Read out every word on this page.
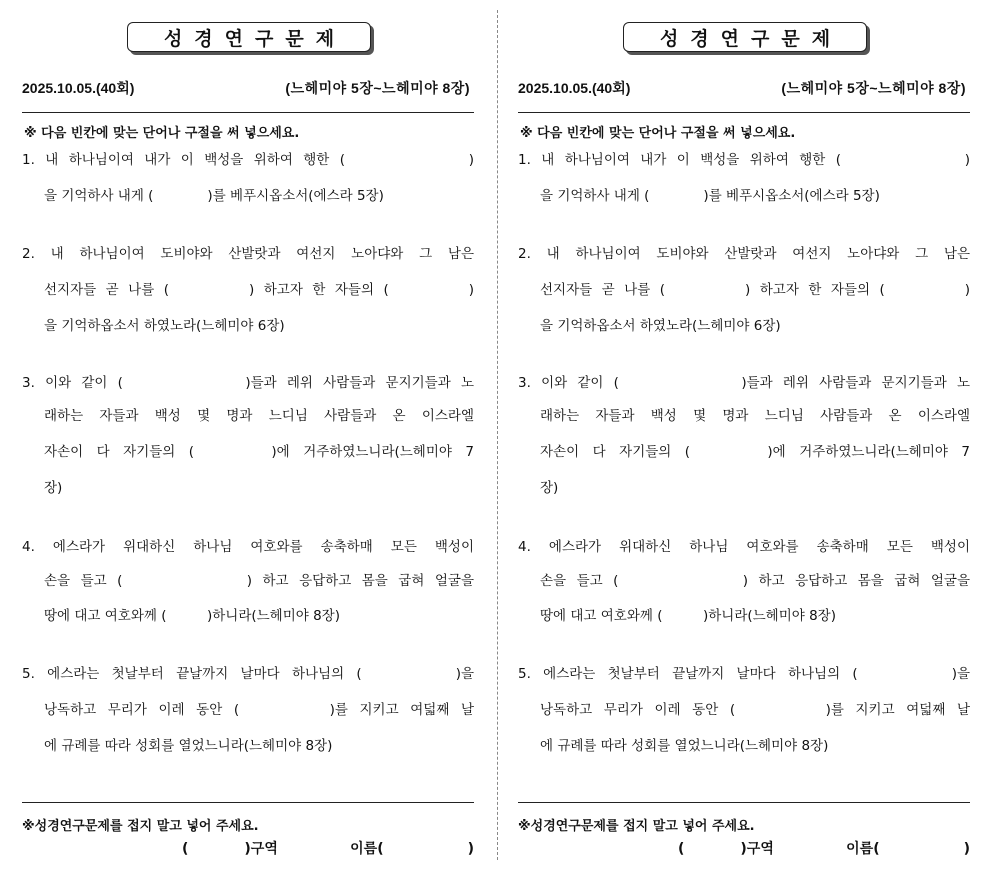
성경연구문제
2025.10.05.(40회)	(느헤미야 5장~느헤미야 8장)
※ 다음 빈칸에 맞는 단어나 구절을 써 넣으세요.
1. 내 하나님이여 내가 이 백성을 위하여 행한 (　　　　　　)
을 기억하사 내게 (　　　　)를 베푸시옵소서(에스라 5장)
2. 내 하나님이여 도비야와 산발랏과 여선지 노아댜와 그 남은
선지자들 곧 나를 (　　　　) 하고자 한 자들의 (　　　　)
을 기억하옵소서 하였노라(느헤미야 6장)
3. 이와 같이 (　　　　　　)들과 레위 사람들과 문지기들과 노
래하는 자들과 백성 몇 명과 느디님 사람들과 온 이스라엘
자손이 다 자기들의 (　　　)에 거주하였느니라(느헤미야 7
장)
4. 에스라가 위대하신 하나님 여호와를 송축하매 모든 백성이
손을 들고 (　　　　　　) 하고 응답하고 몸을 굽혀 얼굴을
땅에 대고 여호와께 (　　　)하니라(느헤미야 8장)
5. 에스라는 첫날부터 끝날까지 날마다 하나님의 (　　　　)을
낭독하고 무리가 이레 동안 (　　　　)를 지키고 여덟째 날
에 규례를 따라 성회를 열었느니라(느헤미야 8장)
※성경연구문제를 접지 말고 넣어 주세요.
(　　　　)구역	이름(　　　　　　)
성경연구문제
2025.10.05.(40회)	(느헤미야 5장~느헤미야 8장)
※ 다음 빈칸에 맞는 단어나 구절을 써 넣으세요.
1. 내 하나님이여 내가 이 백성을 위하여 행한 (　　　　　　)
을 기억하사 내게 (　　　　)를 베푸시옵소서(에스라 5장)
2. 내 하나님이여 도비야와 산발랏과 여선지 노아댜와 그 남은
선지자들 곧 나를 (　　　　) 하고자 한 자들의 (　　　　)
을 기억하옵소서 하였노라(느헤미야 6장)
3. 이와 같이 (　　　　　　)들과 레위 사람들과 문지기들과 노
래하는 자들과 백성 몇 명과 느디님 사람들과 온 이스라엘
자손이 다 자기들의 (　　　)에 거주하였느니라(느헤미야 7
장)
4. 에스라가 위대하신 하나님 여호와를 송축하매 모든 백성이
손을 들고 (　　　　　　) 하고 응답하고 몸을 굽혀 얼굴을
땅에 대고 여호와께 (　　　)하니라(느헤미야 8장)
5. 에스라는 첫날부터 끝날까지 날마다 하나님의 (　　　　)을
낭독하고 무리가 이레 동안 (　　　　)를 지키고 여덟째 날
에 규례를 따라 성회를 열었느니라(느헤미야 8장)
※성경연구문제를 접지 말고 넣어 주세요.
(　　　　)구역	이름(　　　　　　)
